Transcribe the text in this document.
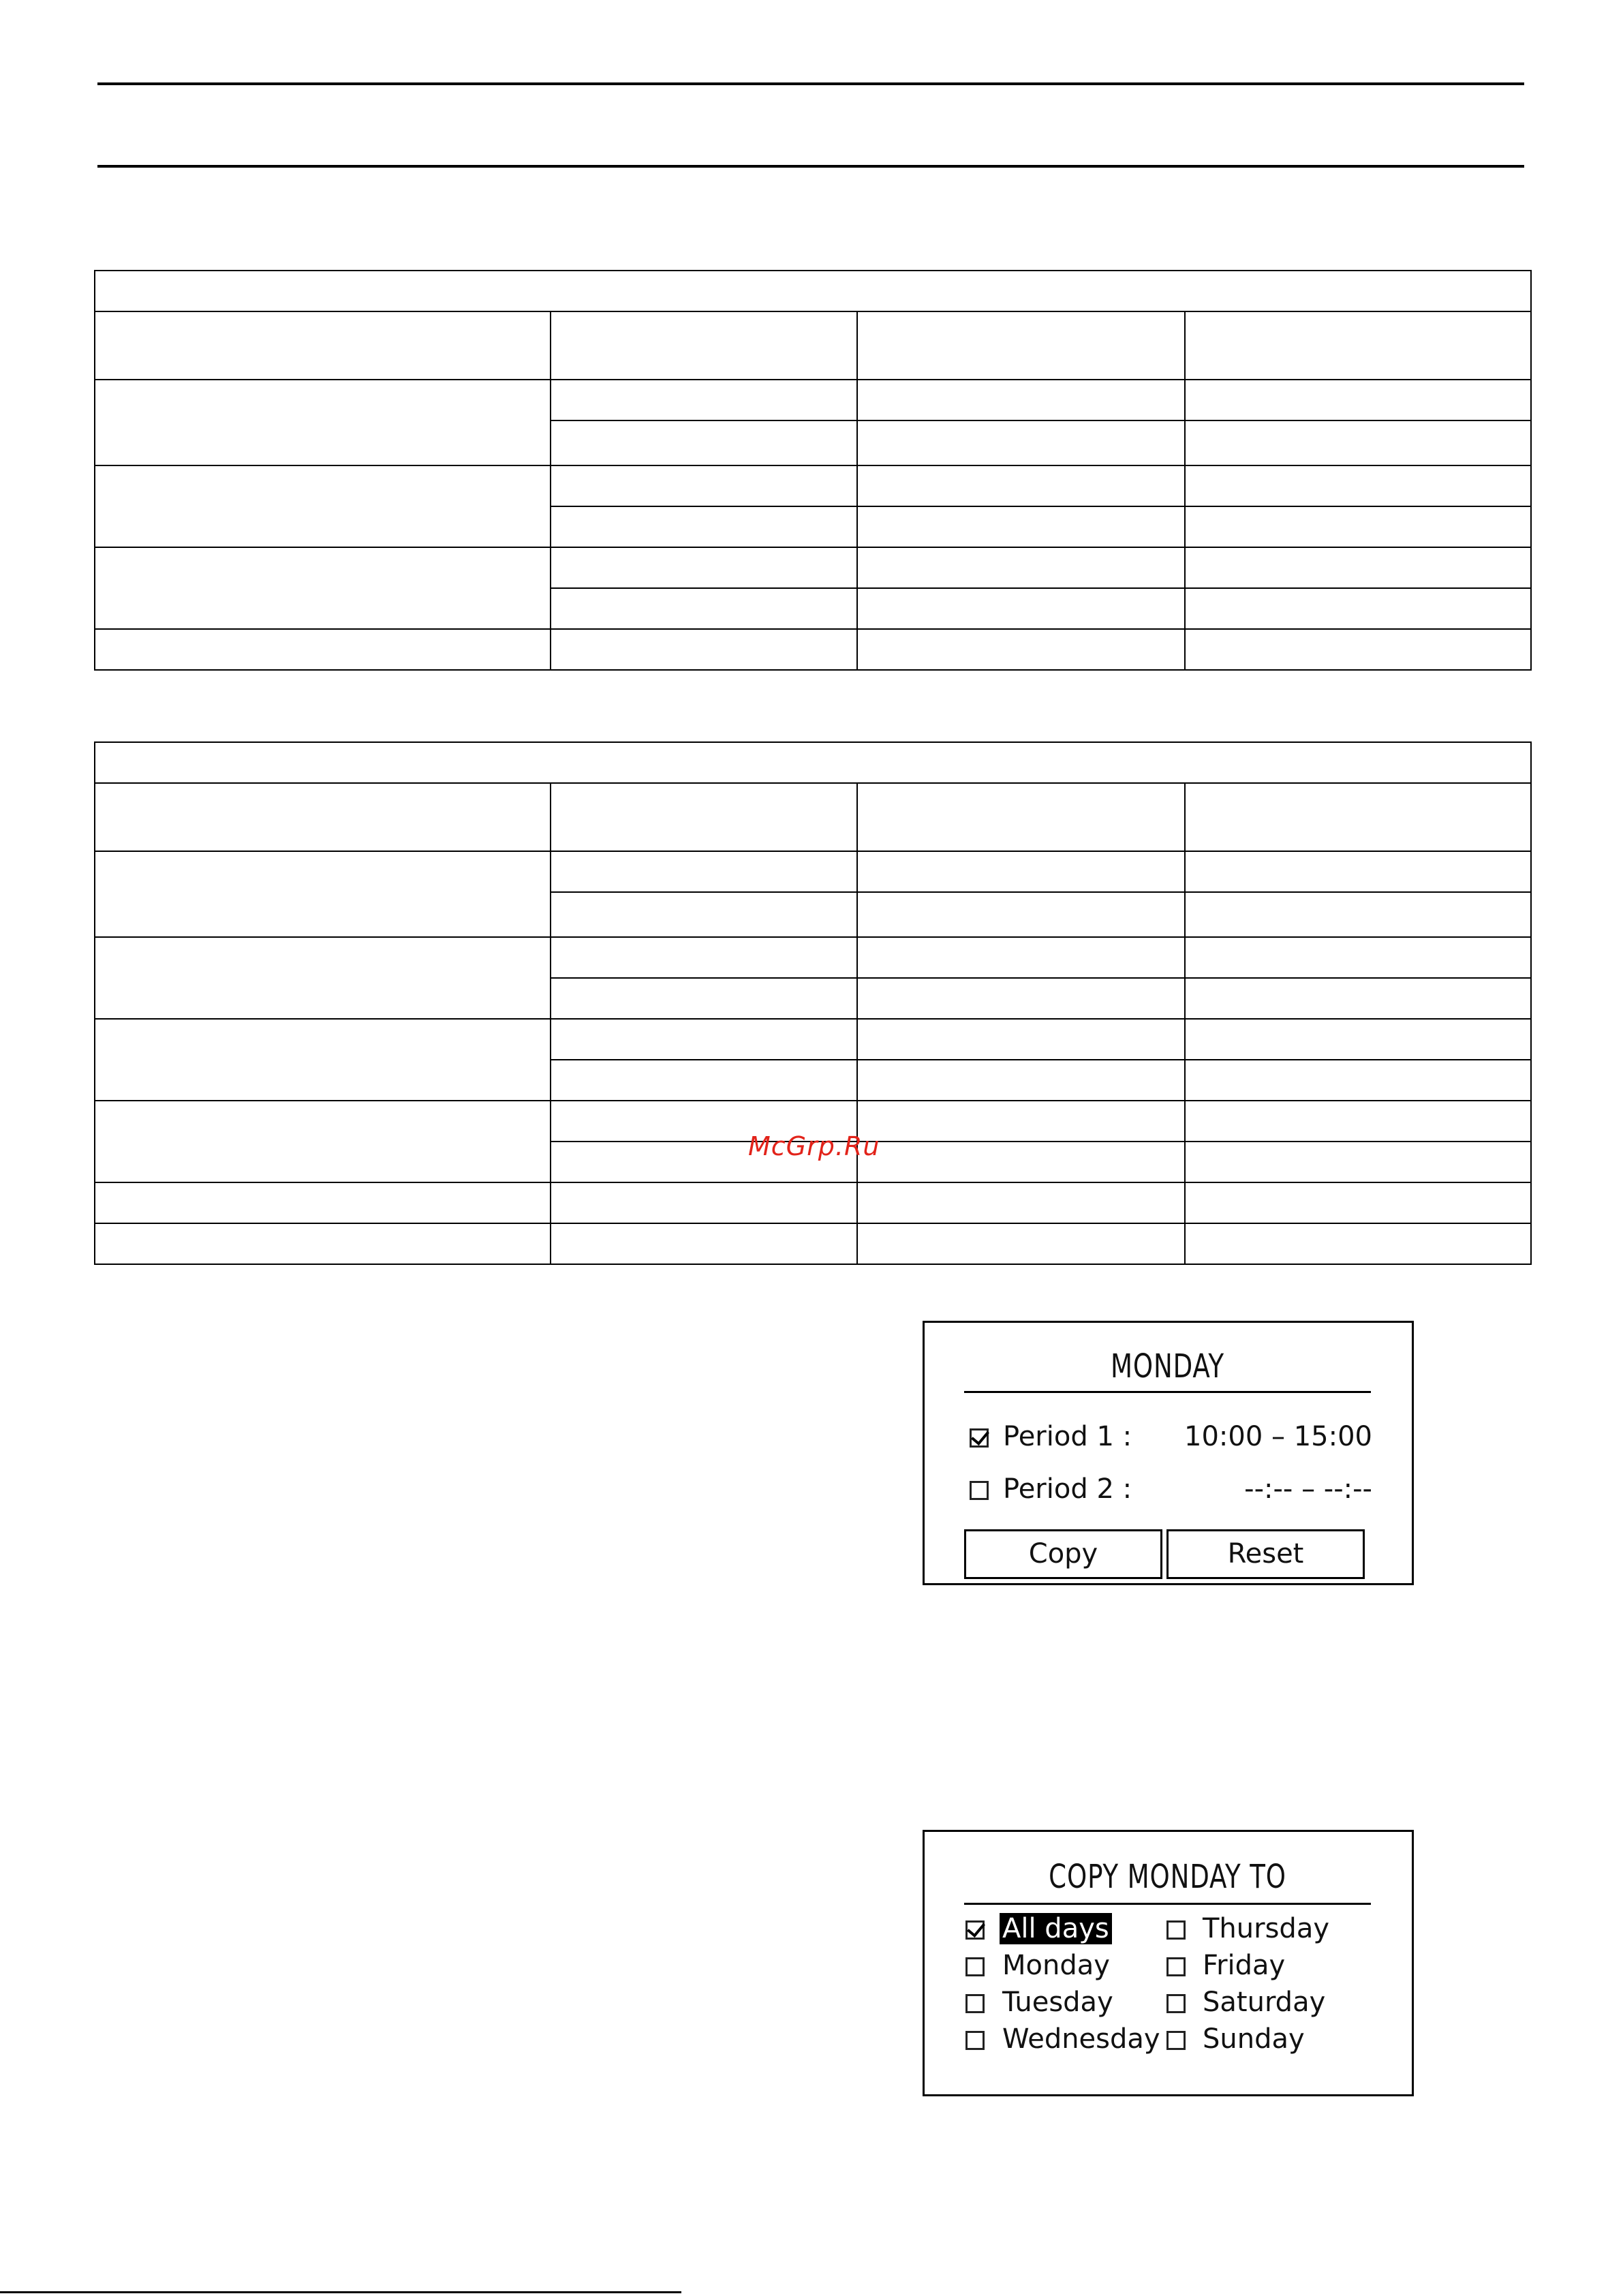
McGrp.Ru
MONDAY
Period 1 : 10:00 – 15:00
Period 2 :	--:-- – --:--
Copy	Reset
COPY MONDAY TO
All days
Monday
Tuesday
Wednesday
Thursday
Friday
Saturday
Sunday
